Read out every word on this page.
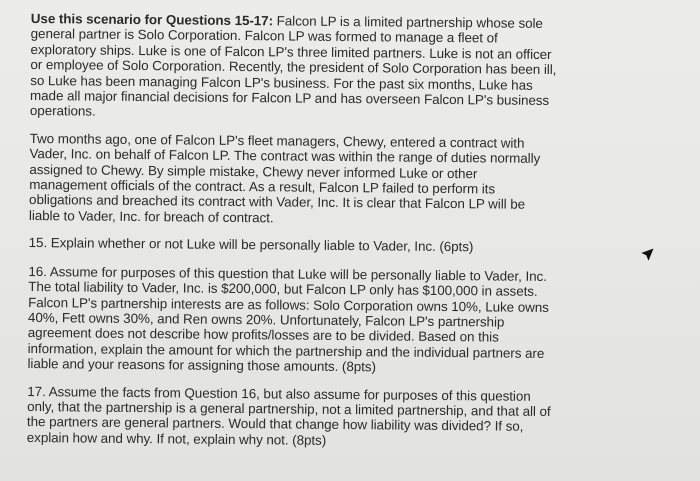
Use this scenario for Questions 15-17: Falcon LP is a limited partnership whose sole general partner is Solo Corporation. Falcon LP was formed to manage a fleet of exploratory ships. Luke is one of Falcon LP's three limited partners. Luke is not an officer or employee of Solo Corporation. Recently, the president of Solo Corporation has been ill, so Luke has been managing Falcon LP's business. For the past six months, Luke has made all major financial decisions for Falcon LP and has overseen Falcon LP's business operations.

Two months ago, one of Falcon LP's fleet managers, Chewy, entered a contract with Vader, Inc. on behalf of Falcon LP. The contract was within the range of duties normally assigned to Chewy. By simple mistake, Chewy never informed Luke or other management officials of the contract. As a result, Falcon LP failed to perform its obligations and breached its contract with Vader, Inc. It is clear that Falcon LP will be liable to Vader, Inc. for breach of contract.

15. Explain whether or not Luke will be personally liable to Vader, Inc. (6pts)

16. Assume for purposes of this question that Luke will be personally liable to Vader, Inc. The total liability to Vader, Inc. is $200,000, but Falcon LP only has $100,000 in assets. Falcon LP's partnership interests are as follows: Solo Corporation owns 10%, Luke owns 40%, Fett owns 30%, and Ren owns 20%. Unfortunately, Falcon LP's partnership agreement does not describe how profits/losses are to be divided. Based on this information, explain the amount for which the partnership and the individual partners are liable and your reasons for assigning those amounts. (8pts)

17. Assume the facts from Question 16, but also assume for purposes of this question only, that the partnership is a general partnership, not a limited partnership, and that all of the partners are general partners. Would that change how liability was divided? If so, explain how and why. If not, explain why not. (8pts)
